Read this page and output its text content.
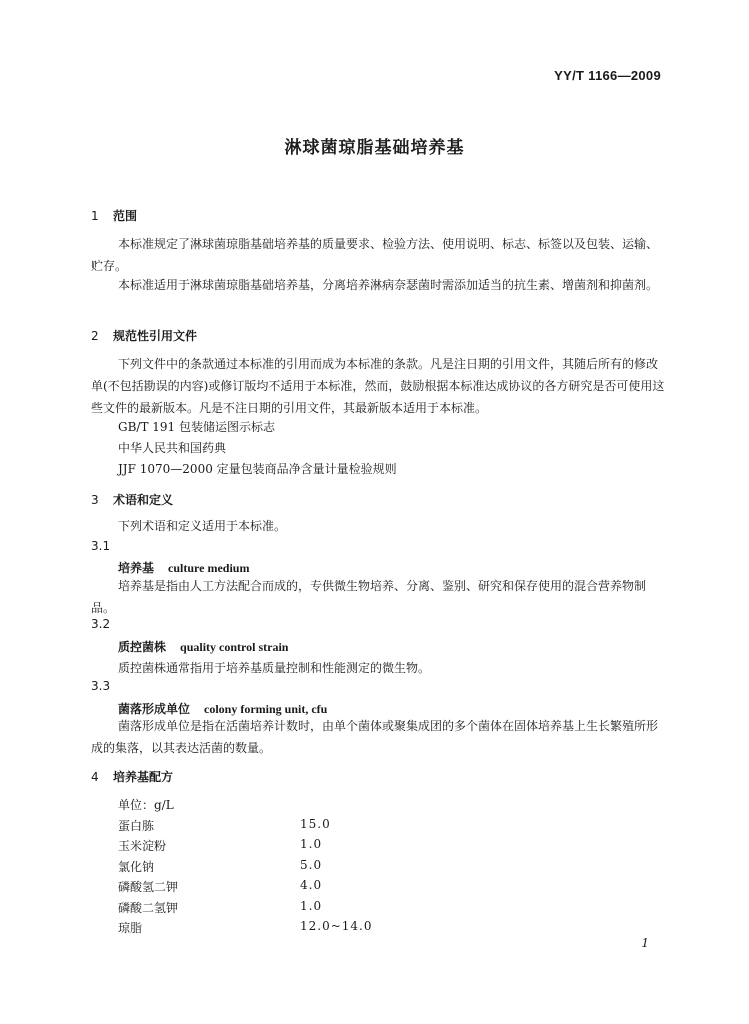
YY/T 1166—2009
淋球菌琼脂基础培养基
1 范围
本标准规定了淋球菌琼脂基础培养基的质量要求、检验方法、使用说明、标志、标签以及包装、运输、贮存。
本标准适用于淋球菌琼脂基础培养基，分离培养淋病奈瑟菌时需添加适当的抗生素、增菌剂和抑菌剂。
2 规范性引用文件
下列文件中的条款通过本标准的引用而成为本标准的条款。凡是注日期的引用文件，其随后所有的修改单(不包括勘误的内容)或修订版均不适用于本标准，然而，鼓励根据本标准达成协议的各方研究是否可使用这些文件的最新版本。凡是不注日期的引用文件，其最新版本适用于本标准。
GB/T 191 包装储运图示标志
中华人民共和国药典
JJF 1070—2000 定量包装商品净含量计量检验规则
3 术语和定义
下列术语和定义适用于本标准。
3.1
培养基 culture medium
培养基是指由人工方法配合而成的，专供微生物培养、分离、鉴别、研究和保存使用的混合营养物制品。
3.2
质控菌株 quality control strain
质控菌株通常指用于培养基质量控制和性能测定的微生物。
3.3
菌落形成单位 colony forming unit, cfu
菌落形成单位是指在活菌培养计数时，由单个菌体或聚集成团的多个菌体在固体培养基上生长繁殖所形成的集落，以其表达活菌的数量。
4 培养基配方
单位：g/L
蛋白胨	15.0
玉米淀粉	1.0
氯化钠	5.0
磷酸氢二钾	4.0
磷酸二氢钾	1.0
琼脂	12.0~14.0
1
